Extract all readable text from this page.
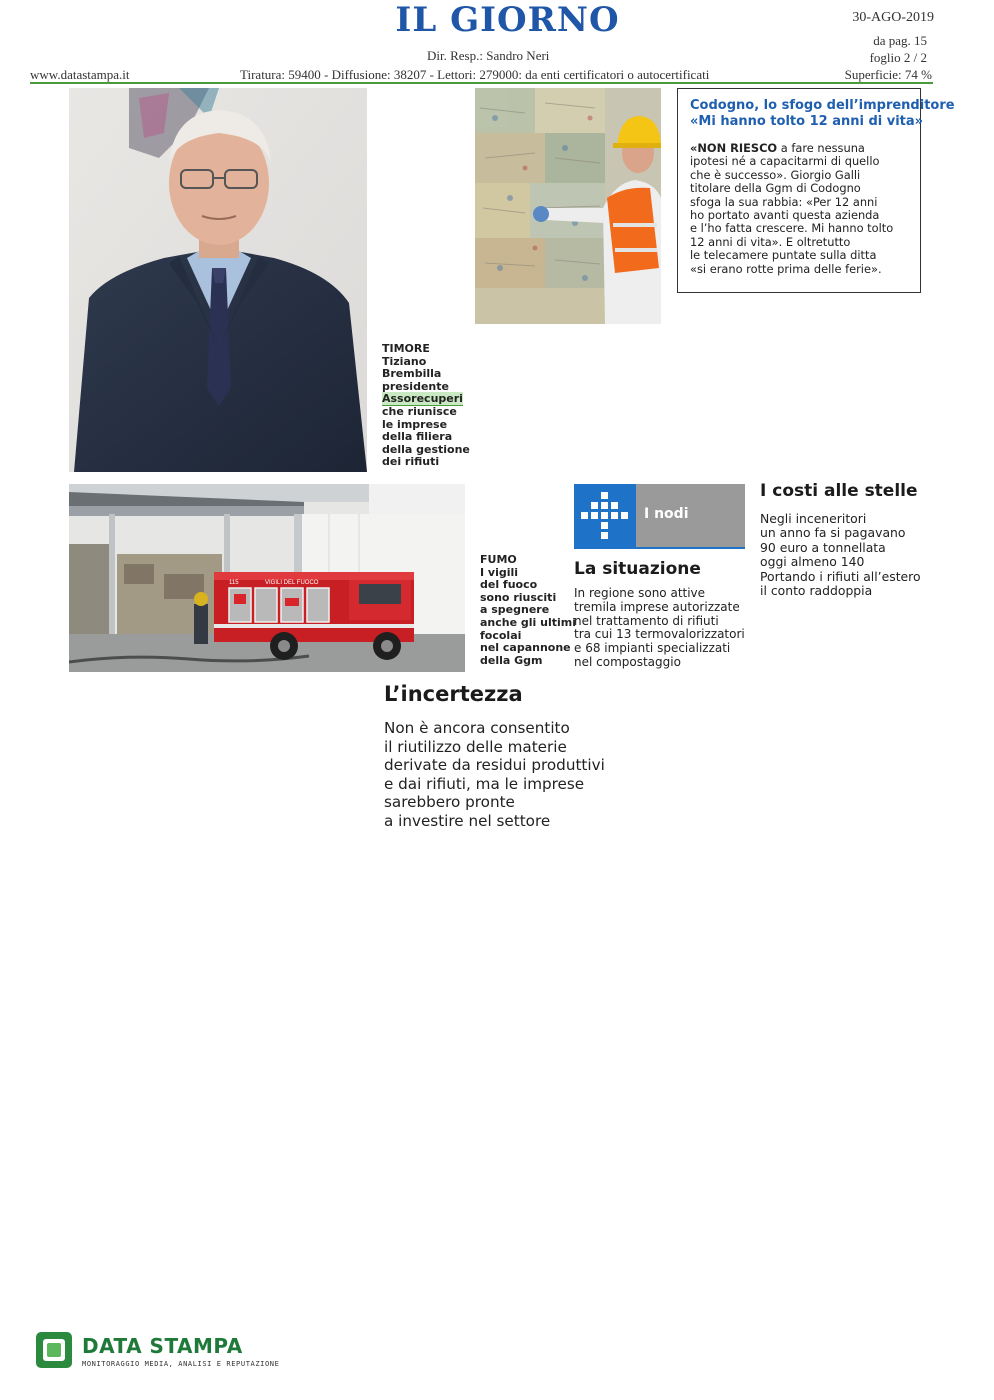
IL GIORNO	30-AGO-2019
da pag. 15
foglio 2 / 2
Dir. Resp.: Sandro Neri
www.datastampa.it	Tiratura: 59400 - Diffusione: 38207 - Lettori: 279000: da enti certificatori o autocertificati	Superficie: 74 %
TIMORE
Tiziano
Brembilla
presidente
Assorecuperi
che riunisce
le imprese
della filiera
della gestione
dei rifiuti
Codogno, lo sfogo dell’imprenditore
«Mi hanno tolto 12 anni di vita»
«NON RIESCO a fare nessuna
ipotesi né a capacitarmi di quello
che è successo». Giorgio Galli
titolare della Ggm di Codogno
sfoga la sua rabbia: «Per 12 anni
ho portato avanti questa azienda
e l’ho fatta crescere. Mi hanno tolto
12 anni di vita». E oltretutto
le telecamere puntate sulla ditta
«si erano rotte prima delle ferie».
VIGILI DEL FUOCO
115
FUMO
I vigili
del fuoco
sono riusciti
a spegnere
anche gli ultimi
focolai
nel capannone
della Ggm
I nodi
La situazione
In regione sono attive
tremila imprese autorizzate
nel trattamento di rifiuti
tra cui 13 termovalorizzatori
e 68 impianti specializzati
nel compostaggio
I costi alle stelle
Negli inceneritori
un anno fa si pagavano
90 euro a tonnellata
oggi almeno 140
Portando i rifiuti all’estero
il conto raddoppia
L’incertezza
Non è ancora consentito
il riutilizzo delle materie
derivate da residui produttivi
e dai rifiuti, ma le imprese
sarebbero pronte
a investire nel settore
DATA STAMPA
MONITORAGGIO MEDIA, ANALISI E REPUTAZIONE
